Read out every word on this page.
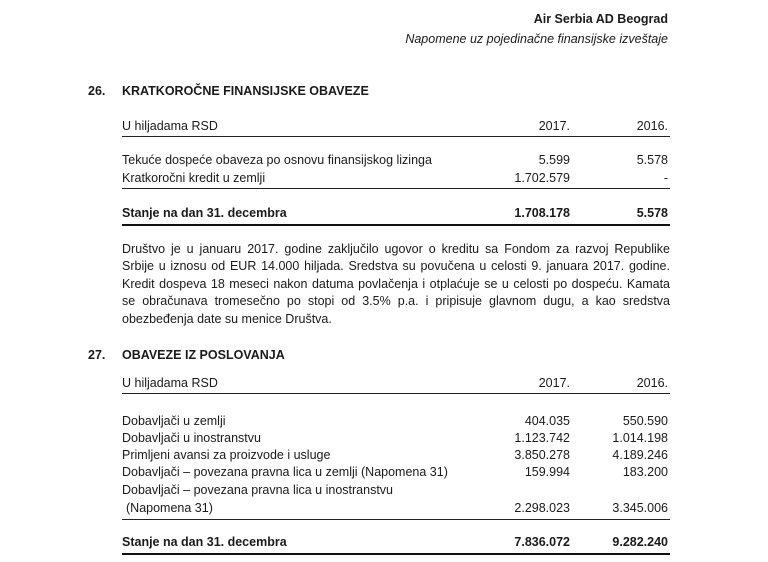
Air Serbia AD Beograd
Napomene uz pojedinačne finansijske izveštaje
26. KRATKOROČNE FINANSIJSKE OBAVEZE
U hiljadama RSD	2017.	2016.
Tekuće dospeće obaveza po osnovu finansijskog lizinga	5.599	5.578
Kratkoročni kredit u zemlji	1.702.579	-
Stanje na dan 31. decembra	1.708.178	5.578

Društvo je u januaru 2017. godine zaključilo ugovor o kreditu sa Fondom za razvoj Republike Srbije u iznosu od EUR 14.000 hiljada. Sredstva su povučena u celosti 9. januara 2017. godine. Kredit dospeva 18 meseci nakon datuma povlačenja i otplaćuje se u celosti po dospeću. Kamata se obračunava tromesečno po stopi od 3.5% p.a. i pripisuje glavnom dugu, a kao sredstva obezbeđenja date su menice Društva.

27. OBAVEZE IZ POSLOVANJA
U hiljadama RSD	2017.	2016.
Dobavljači u zemlji	404.035	550.590
Dobavljači u inostranstvu	1.123.742	1.014.198
Primljeni avansi za proizvode i usluge	3.850.278	4.189.246
Dobavljači – povezana pravna lica u zemlji (Napomena 31)	159.994	183.200
Dobavljači – povezana pravna lica u inostranstvu
(Napomena 31)	2.298.023	3.345.006
Stanje na dan 31. decembra	7.836.072	9.282.240
